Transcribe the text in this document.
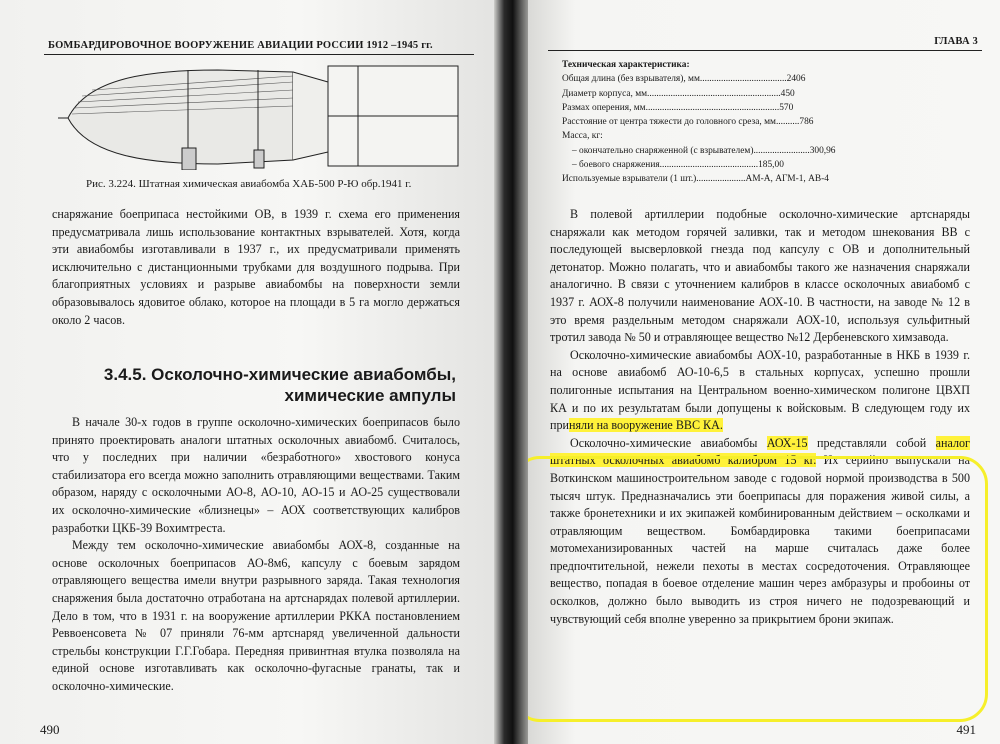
БОМБАРДИРОВОЧНОЕ ВООРУЖЕНИЕ АВИАЦИИ РОССИИ 1912 –1945 гг.
Рис. 3.224. Штатная химическая авиабомба ХАБ-500 Р-Ю обр.1941 г.

снаряжание боеприпаса нестойкими ОВ, в 1939 г. схема его применения предусматривала лишь использование контактных взрывателей. Хотя, когда эти авиабомбы изготавливали в 1937 г., их предусматривали применять исключительно с дистанционными трубками для воздушного подрыва. При благоприятных условиях и разрыве авиабомбы на поверхности земли образовывалось ядовитое облако, которое на площади в 5 га могло держаться около 2 часов.

3.4.5. Осколочно-химические авиабомбы,
химические ампулы

В начале 30-х годов в группе осколочно-химических боеприпасов было принято проектировать аналоги штатных осколочных авиабомб. Считалось, что у последних при наличии «безработного» хвостового конуса стабилизатора его всегда можно заполнить отравляющими веществами. Таким образом, наряду с осколочными АО-8, АО-10, АО-15 и АО-25 существовали их осколочно-химические «близнецы» – АОХ соответствующих калибров разработки ЦКБ-39 Вохимтреста.

Между тем осколочно-химические авиабомбы АОХ-8, созданные на основе осколочных боеприпасов АО-8м6, капсулу с боевым зарядом отравляющего вещества имели внутри разрывного заряда. Такая технология снаряжения была достаточно отработана на артснарядах полевой артиллерии. Дело в том, что в 1931 г. на вооружение артиллерии РККА постановлением Реввоенсовета № 07 приняли 76-мм артснаряд увеличенной дальности стрельбы конструкции Г.Г.Гобара. Передняя привинтная втулка позволяла на единой основе изготавливать как осколочно-фугасные гранаты, так и осколочно-химические.

490
ГЛАВА 3
Техническая характеристика:
Общая длина (без взрывателя), мм.....................................2406
Диаметр корпуса, мм.........................................................450
Размах оперения, мм.........................................................570
Расстояние от центра тяжести до головного среза, мм..........786
Масса, кг:
– окончательно снаряженной (с взрывателем)........................300,96
– боевого снаряжения..........................................185,00
Используемые взрыватели (1 шт.).....................АМ-А, АГМ-1, АВ-4

В полевой артиллерии подобные осколочно-химические артснаряды снаряжали как методом горячей заливки, так и методом шнекования ВВ с последующей высверловкой гнезда под капсулу с ОВ и дополнительный детонатор. Можно полагать, что и авиабомбы такого же назначения снаряжали аналогично. В связи с уточнением калибров в классе осколочных авиабомб с 1937 г. АОХ-8 получили наименование АОХ-10. В частности, на заводе № 12 в это время раздельным методом снаряжали АОХ-10, используя сульфитный тротил завода № 50 и отравляющее вещество №12 Дербеневского химзавода.

Осколочно-химические авиабомбы АОХ-10, разработанные в НКБ в 1939 г. на основе авиабомб АО-10-6,5 в стальных корпусах, успешно прошли полигонные испытания на Центральном военно-химическом полигоне ЦВХП КА и по их результатам были допущены к войсковым. В следующем году их приняли на вооружение ВВС КА.

Осколочно-химические авиабомбы АОХ-15 представляли собой аналог штатных осколочных авиабомб калибром 15 кг. Их серийно выпускали на Воткинском машиностроительном заводе с годовой нормой производства в 500 тысяч штук. Предназначались эти боеприпасы для поражения живой силы, а также бронетехники и их экипажей комбинированным действием – осколками и отравляющим веществом. Бомбардировка такими боеприпасами мотомеханизированных частей на марше считалась даже более предпочтительной, нежели пехоты в местах сосредоточения. Отравляющее вещество, попадая в боевое отделение машин через амбразуры и пробоины от осколков, должно было выводить из строя ничего не подозревающий и чувствующий себя вполне уверенно за прикрытием брони экипаж.

491
